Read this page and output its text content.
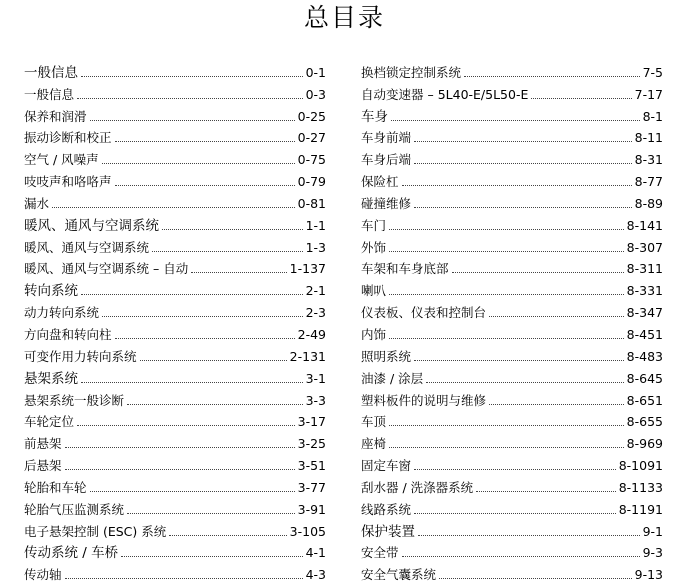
总目录
一般信息	0-1
一般信息	0-3
保养和润滑	0-25
振动诊断和校正	0-27
空气 / 风噪声	0-75
吱吱声和咯咯声	0-79
漏水	0-81
暖风、通风与空调系统	1-1
暖风、通风与空调系统	1-3
暖风、通风与空调系统 – 自动	1-137
转向系统	2-1
动力转向系统	2-3
方向盘和转向柱	2-49
可变作用力转向系统	2-131
悬架系统	3-1
悬架系统一般诊断	3-3
车轮定位	3-17
前悬架	3-25
后悬架	3-51
轮胎和车轮	3-77
轮胎气压监测系统	3-91
电子悬架控制 (ESC) 系统	3-105
传动系统 / 车桥	4-1
传动轴	4-3
换档锁定控制系统	7-5
自动变速器 – 5L40-E/5L50-E	7-17
车身	8-1
车身前端	8-11
车身后端	8-31
保险杠	8-77
碰撞维修	8-89
车门	8-141
外饰	8-307
车架和车身底部	8-311
喇叭	8-331
仪表板、仪表和控制台	8-347
内饰	8-451
照明系统	8-483
油漆 / 涂层	8-645
塑料板件的说明与维修	8-651
车顶	8-655
座椅	8-969
固定车窗	8-1091
刮水器 / 洗涤器系统	8-1133
线路系统	8-1191
保护装置	9-1
安全带	9-3
安全气囊系统	9-13
